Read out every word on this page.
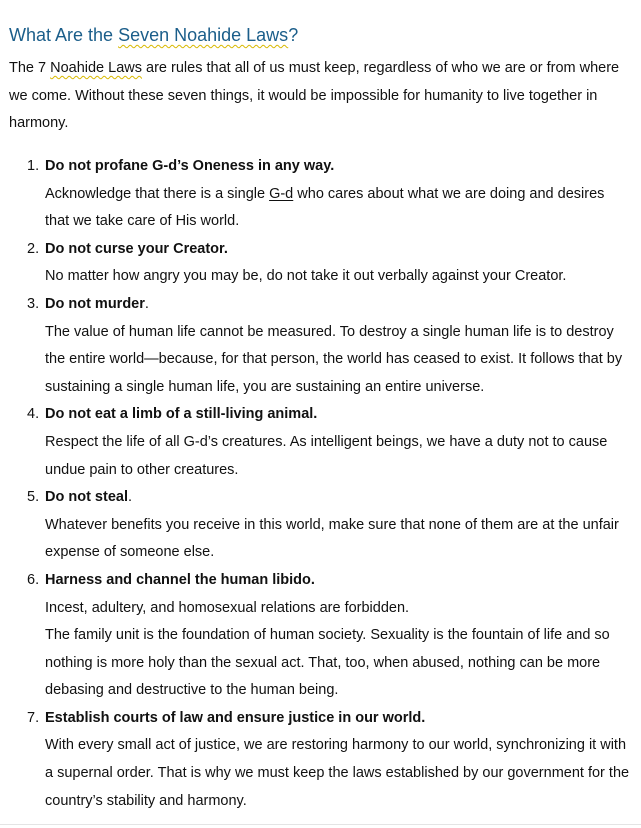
What Are the Seven Noahide Laws?

The 7 Noahide Laws are rules that all of us must keep, regardless of who we are or from where we come. Without these seven things, it would be impossible for humanity to live together in harmony.

1. Do not profane G-d’s Oneness in any way.

Acknowledge that there is a single G-d who cares about what we are doing and desires that we take care of His world.

2. Do not curse your Creator.

No matter how angry you may be, do not take it out verbally against your Creator.

3. Do not murder.

The value of human life cannot be measured. To destroy a single human life is to destroy the entire world—because, for that person, the world has ceased to exist. It follows that by sustaining a single human life, you are sustaining an entire universe.

4. Do not eat a limb of a still-living animal.

Respect the life of all G-d’s creatures. As intelligent beings, we have a duty not to cause undue pain to other creatures.

5. Do not steal.

Whatever benefits you receive in this world, make sure that none of them are at the unfair expense of someone else.

6. Harness and channel the human libido.

Incest, adultery, and homosexual relations are forbidden.

The family unit is the foundation of human society. Sexuality is the fountain of life and so nothing is more holy than the sexual act. That, too, when abused, nothing can be more debasing and destructive to the human being.

7. Establish courts of law and ensure justice in our world.

With every small act of justice, we are restoring harmony to our world, synchronizing it with a supernal order. That is why we must keep the laws established by our government for the country’s stability and harmony.
